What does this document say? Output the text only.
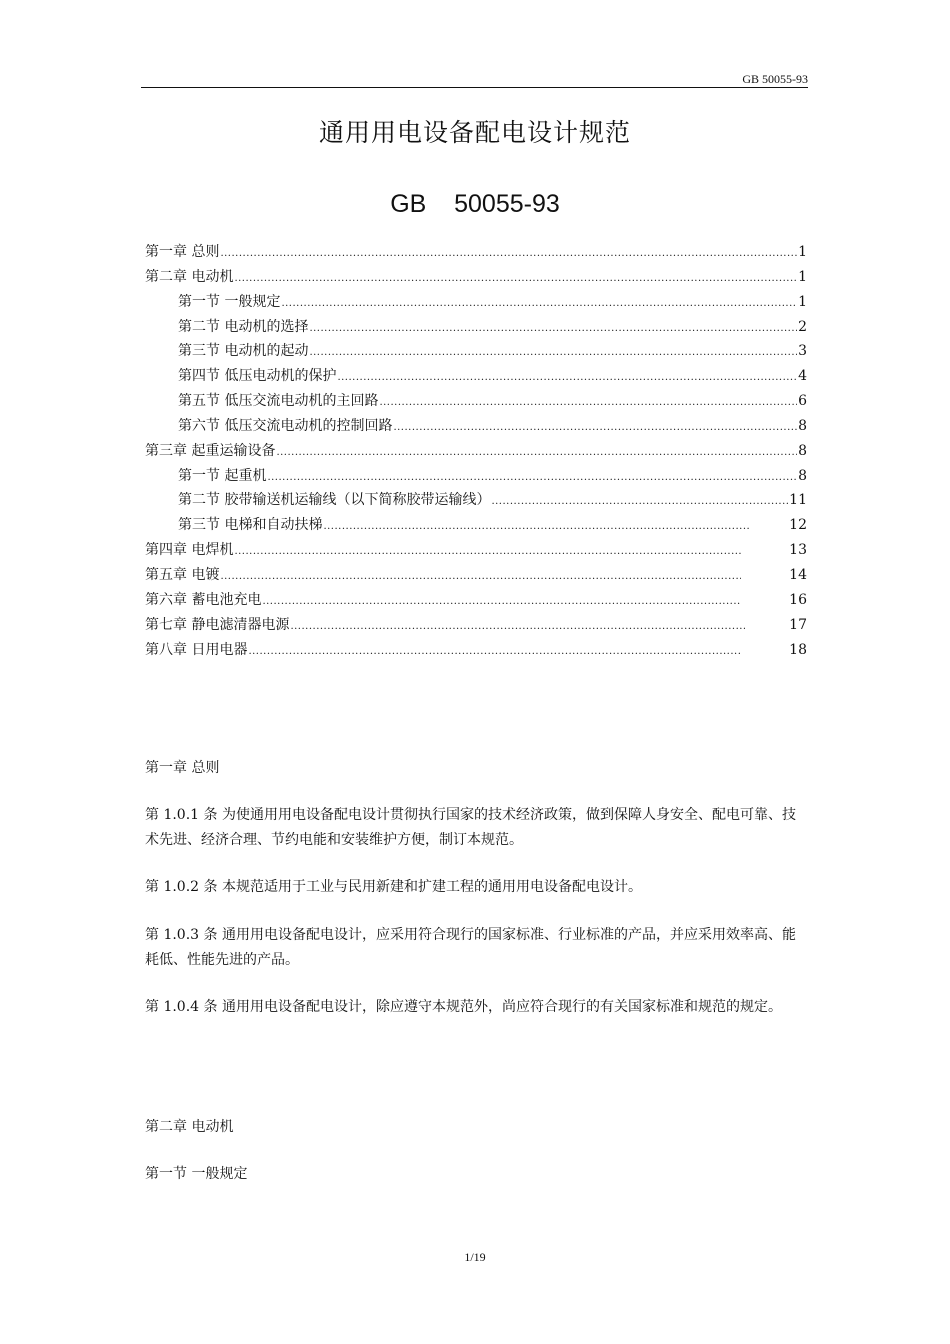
GB 50055-93
通用用电设备配电设计规范
GB    50055-93
第一章 总则 .....	1
第二章 电动机 .....	1
第一节 一般规定 .....	1
第二节 电动机的选择 .....	2
第三节 电动机的起动 .....	3
第四节 低压电动机的保护 .....	4
第五节 低压交流电动机的主回路 .....	6
第六节 低压交流电动机的控制回路 .....	8
第三章 起重运输设备 .....	8
第一节 起重机 .....	8
第二节 胶带输送机运输线（以下简称胶带运输线） .....	11
第三节 电梯和自动扶梯 .....	12
第四章 电焊机 .....	13
第五章 电镀 .....	14
第六章 蓄电池充电 .....	16
第七章 静电滤清器电源 .....	17
第八章 日用电器 .....	18

第一章 总则

第 1.0.1 条 为使通用用电设备配电设计贯彻执行国家的技术经济政策，做到保障人身安全、配电可靠、技术先进、经济合理、节约电能和安装维护方便，制订本规范。

第 1.0.2 条 本规范适用于工业与民用新建和扩建工程的通用用电设备配电设计。

第 1.0.3 条 通用用电设备配电设计，应采用符合现行的国家标准、行业标准的产品，并应采用效率高、能耗低、性能先进的产品。

第 1.0.4 条 通用用电设备配电设计，除应遵守本规范外，尚应符合现行的有关国家标准和规范的规定。

第二章 电动机

第一节 一般规定

1/19
